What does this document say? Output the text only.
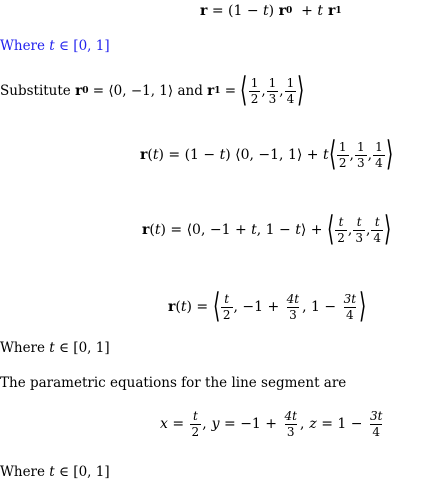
r = (1 − t ) r 0 + t r 1
Where t ∈ [0, 1]
Substitute r 0 = ⟨0, −1, 1⟩ and r 1 = ⟨ $\frac{1}{2}$ , $\frac{1}{3}$ , $\frac{1}{4}$ ⟩
r ( t ) = (1 − t ) ⟨0, −1, 1⟩ + t ⟨ $\frac{1}{2}$ , $\frac{1}{3}$ , $\frac{1}{4}$ ⟩
r ( t ) = ⟨0, −1 + t , 1 − t ⟩ + ⟨ $\frac{t}{2}$ , $\frac{t}{3}$ , $\frac{t}{4}$ ⟩
r ( t ) = ⟨ $\frac{t}{2}$ , $-1 + \frac{4t}{3}$ , $1 - \frac{3t}{4}$ ⟩
Where t ∈ [0, 1]
The parametric equations for the line segment are
$x = \frac{t}{2}$ , $y = -1 + \frac{4t}{3}$ , $z = 1 - \frac{3t}{4}$
Where t ∈ [0, 1]
